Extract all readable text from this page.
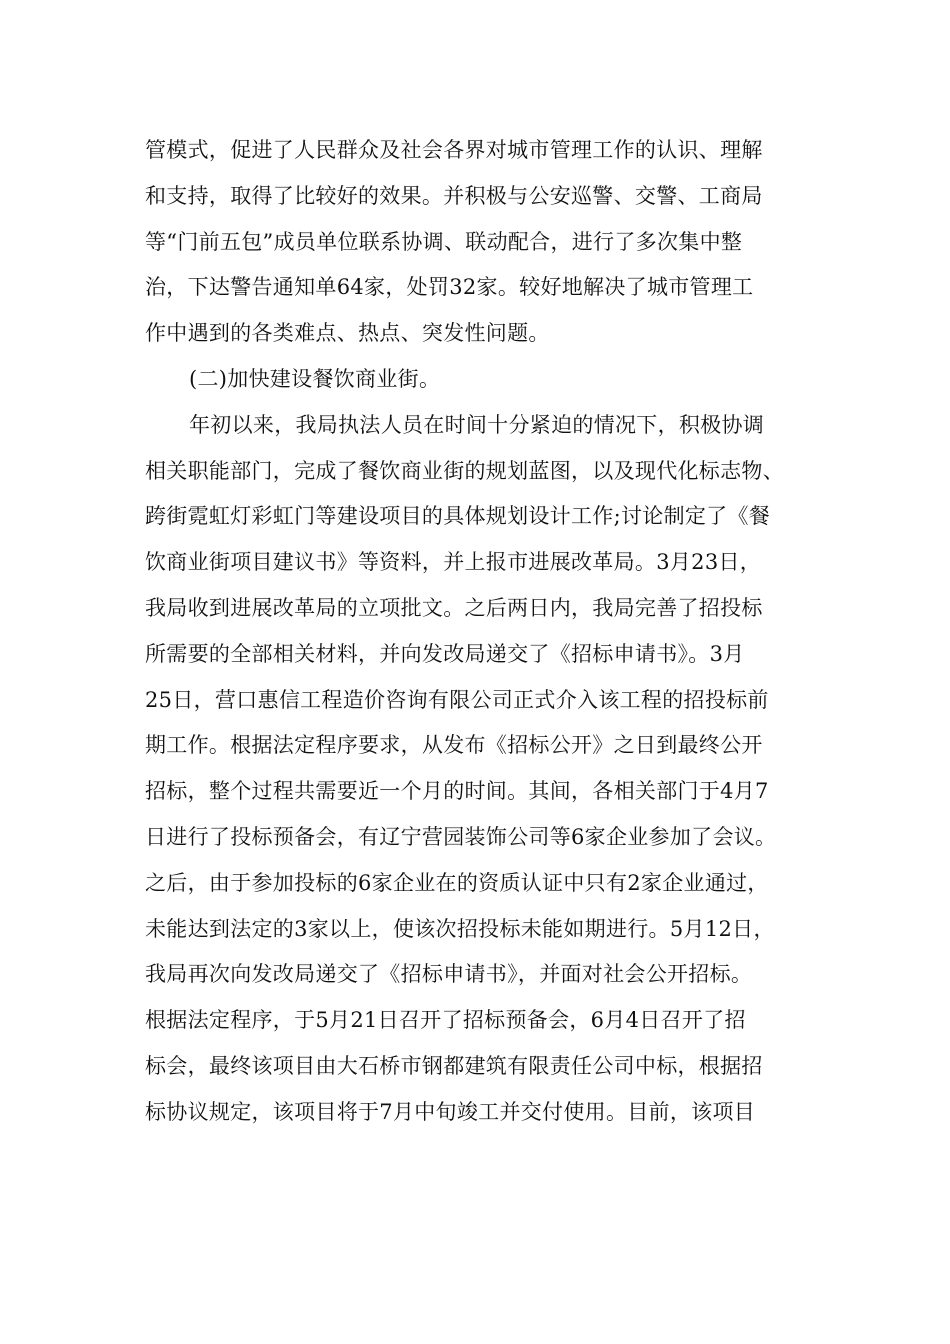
管模式，促进了人民群众及社会各界对城市管理工作的认识、理解
和支持，取得了比较好的效果。并积极与公安巡警、交警、工商局
等“门前五包”成员单位联系协调、联动配合，进行了多次集中整
治，下达警告通知单64家，处罚32家。较好地解决了城市管理工
作中遇到的各类难点、热点、突发性问题。
(二)加快建设餐饮商业街。
年初以来，我局执法人员在时间十分紧迫的情况下，积极协调
相关职能部门，完成了餐饮商业街的规划蓝图，以及现代化标志物、
跨街霓虹灯彩虹门等建设项目的具体规划设计工作;讨论制定了《餐
饮商业街项目建议书》等资料，并上报市进展改革局。3月23日，
我局收到进展改革局的立项批文。之后两日内，我局完善了招投标
所需要的全部相关材料，并向发改局递交了《招标申请书》。3月
25日，营口惠信工程造价咨询有限公司正式介入该工程的招投标前
期工作。根据法定程序要求，从发布《招标公开》之日到最终公开
招标，整个过程共需要近一个月的时间。其间，各相关部门于4月7
日进行了投标预备会，有辽宁营园装饰公司等6家企业参加了会议。
之后，由于参加投标的6家企业在的资质认证中只有2家企业通过，
未能达到法定的3家以上，使该次招投标未能如期进行。5月12日，
我局再次向发改局递交了《招标申请书》，并面对社会公开招标。
根据法定程序，于5月21日召开了招标预备会，6月4日召开了招
标会，最终该项目由大石桥市钢都建筑有限责任公司中标，根据招
标协议规定，该项目将于7月中旬竣工并交付使用。目前，该项目
